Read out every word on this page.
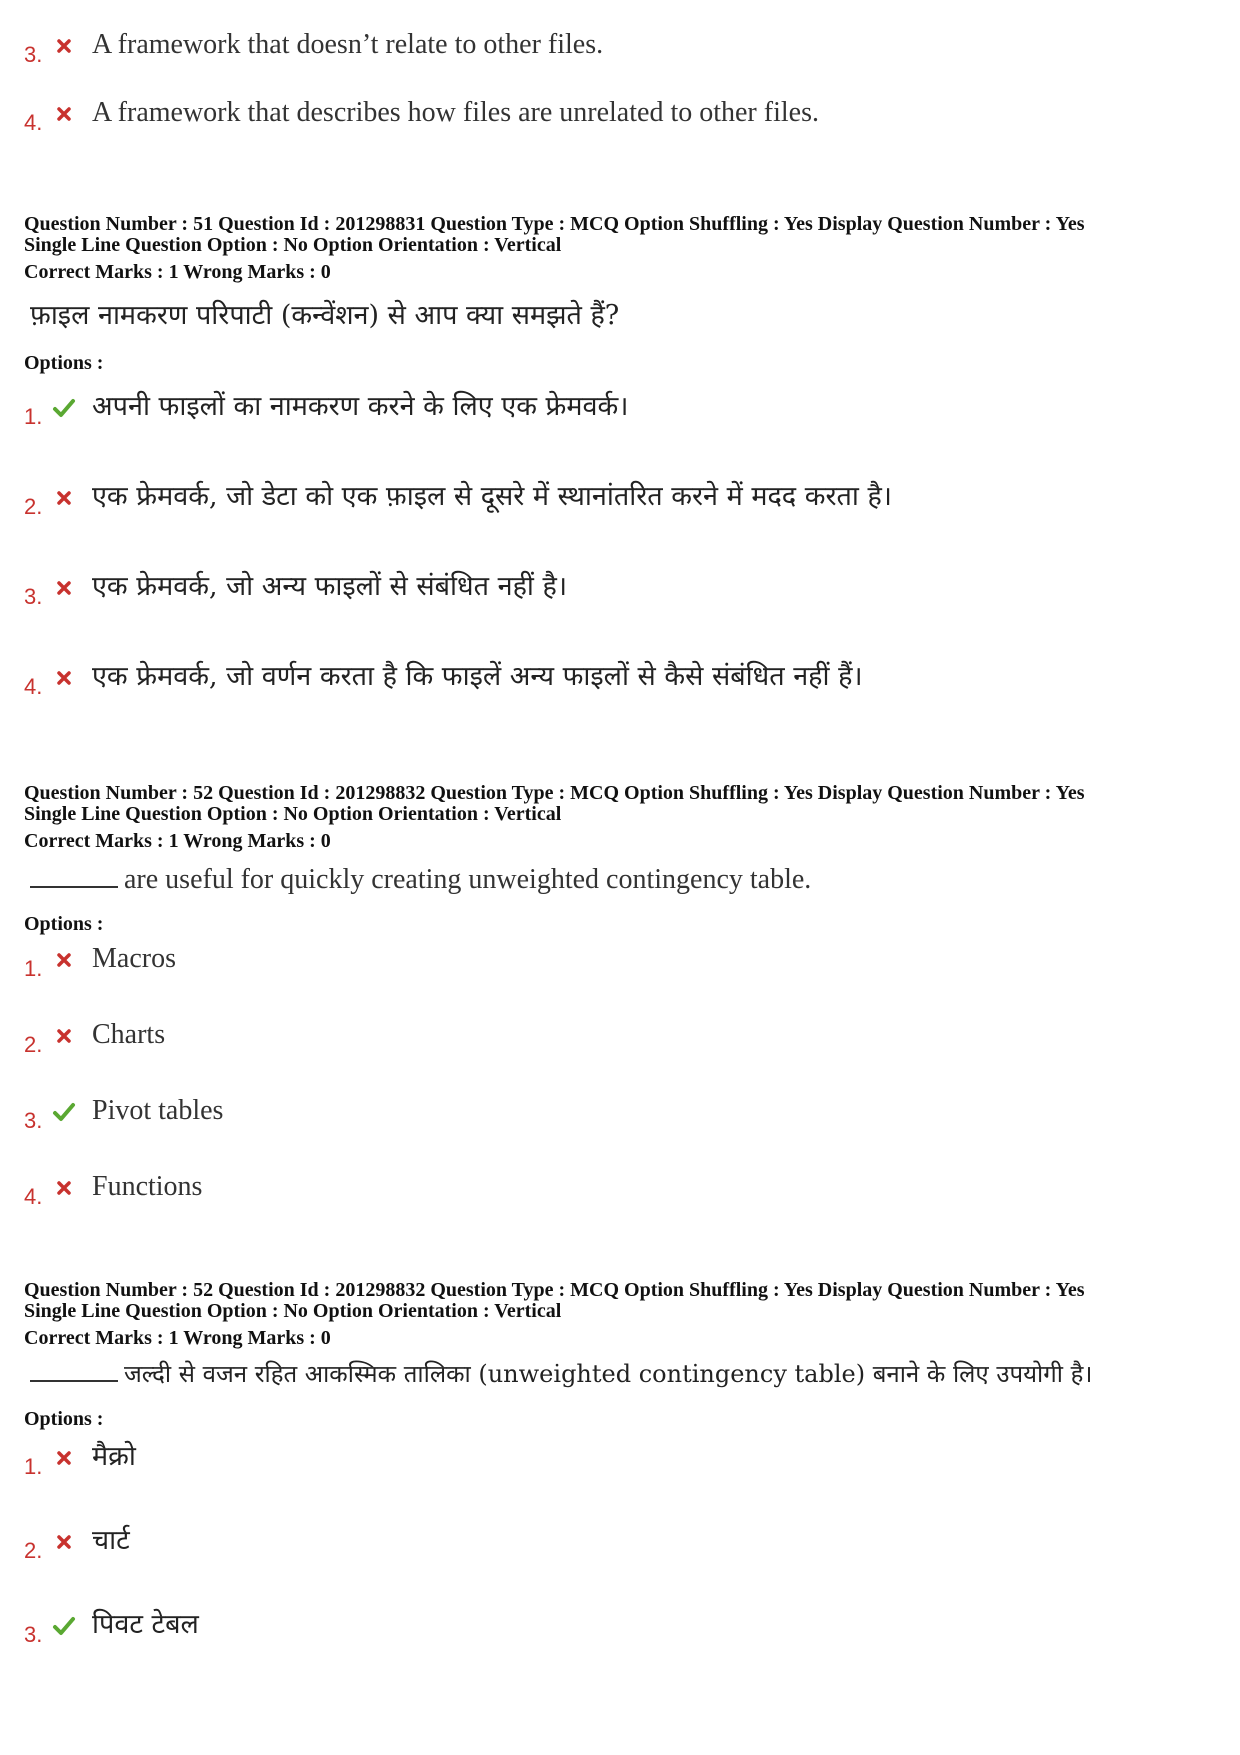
3. A framework that doesn’t relate to other files.
4. A framework that describes how files are unrelated to other files.
Question Number : 51 Question Id : 201298831 Question Type : MCQ Option Shuffling : Yes Display Question Number : Yes
Single Line Question Option : No Option Orientation : Vertical
Correct Marks : 1 Wrong Marks : 0
फ़ाइल नामकरण परिपाटी (कन्वेंशन) से आप क्या समझते हैं?
Options :
1. अपनी फाइलों का नामकरण करने के लिए एक फ्रेमवर्क।
2. एक फ्रेमवर्क, जो डेटा को एक फ़ाइल से दूसरे में स्थानांतरित करने में मदद करता है।
3. एक फ्रेमवर्क, जो अन्य फाइलों से संबंधित नहीं है।
4. एक फ्रेमवर्क, जो वर्णन करता है कि फाइलें अन्य फाइलों से कैसे संबंधित नहीं हैं।
Question Number : 52 Question Id : 201298832 Question Type : MCQ Option Shuffling : Yes Display Question Number : Yes
Single Line Question Option : No Option Orientation : Vertical
Correct Marks : 1 Wrong Marks : 0
are useful for quickly creating unweighted contingency table.
Options :
1. Macros
2. Charts
3. Pivot tables
4. Functions
Question Number : 52 Question Id : 201298832 Question Type : MCQ Option Shuffling : Yes Display Question Number : Yes
Single Line Question Option : No Option Orientation : Vertical
Correct Marks : 1 Wrong Marks : 0
जल्दी से वजन रहित आकस्मिक तालिका (unweighted contingency table) बनाने के लिए उपयोगी है।
Options :
1. मैक्रो
2. चार्ट
3. पिवट टेबल
